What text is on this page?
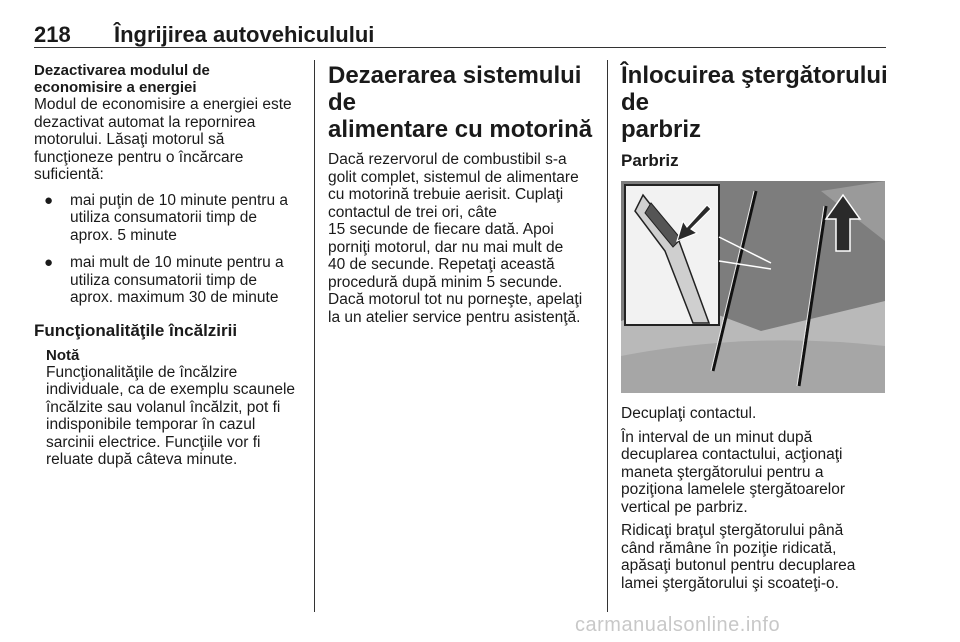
218 Îngrijirea autovehiculului

Dezactivarea modulul de
economisire a energiei

Modul de economisire a energiei este
dezactivat automat la repornirea
motorului. Lăsaţi motorul să
funcţioneze pentru o încărcare
suficientă:

● mai puţin de 10 minute pentru a
utiliza consumatorii timp de
aprox. 5 minute
● mai mult de 10 minute pentru a
utiliza consumatorii timp de
aprox. maximum 30 de minute

Funcţionalităţile încălzirii

Notă

Funcţionalităţile de încălzire
individuale, ca de exemplu scaunele
încălzite sau volanul încălzit, pot fi
indisponibile temporar în cazul
sarcinii electrice. Funcţiile vor fi
reluate după câteva minute.

Dezaerarea sistemului de
alimentare cu motorină

Dacă rezervorul de combustibil s-a
golit complet, sistemul de alimentare
cu motorină trebuie aerisit. Cuplaţi
contactul de trei ori, câte
15 secunde de fiecare dată. Apoi
porniţi motorul, dar nu mai mult de
40 de secunde. Repetaţi această
procedură după minim 5 secunde.
Dacă motorul tot nu porneşte, apelaţi
la un atelier service pentru asistenţă.

Înlocuirea ştergătorului de
parbriz

Parbriz

Decuplaţi contactul.

În interval de un minut după
decuplarea contactului, acţionaţi
maneta ştergătorului pentru a
poziţiona lamelele ştergătoarelor
vertical pe parbriz.

Ridicaţi braţul ştergătorului până
când rămâne în poziţie ridicată,
apăsaţi butonul pentru decuplarea
lamei ştergătorului şi scoateţi-o.

carmanualsonline.info
